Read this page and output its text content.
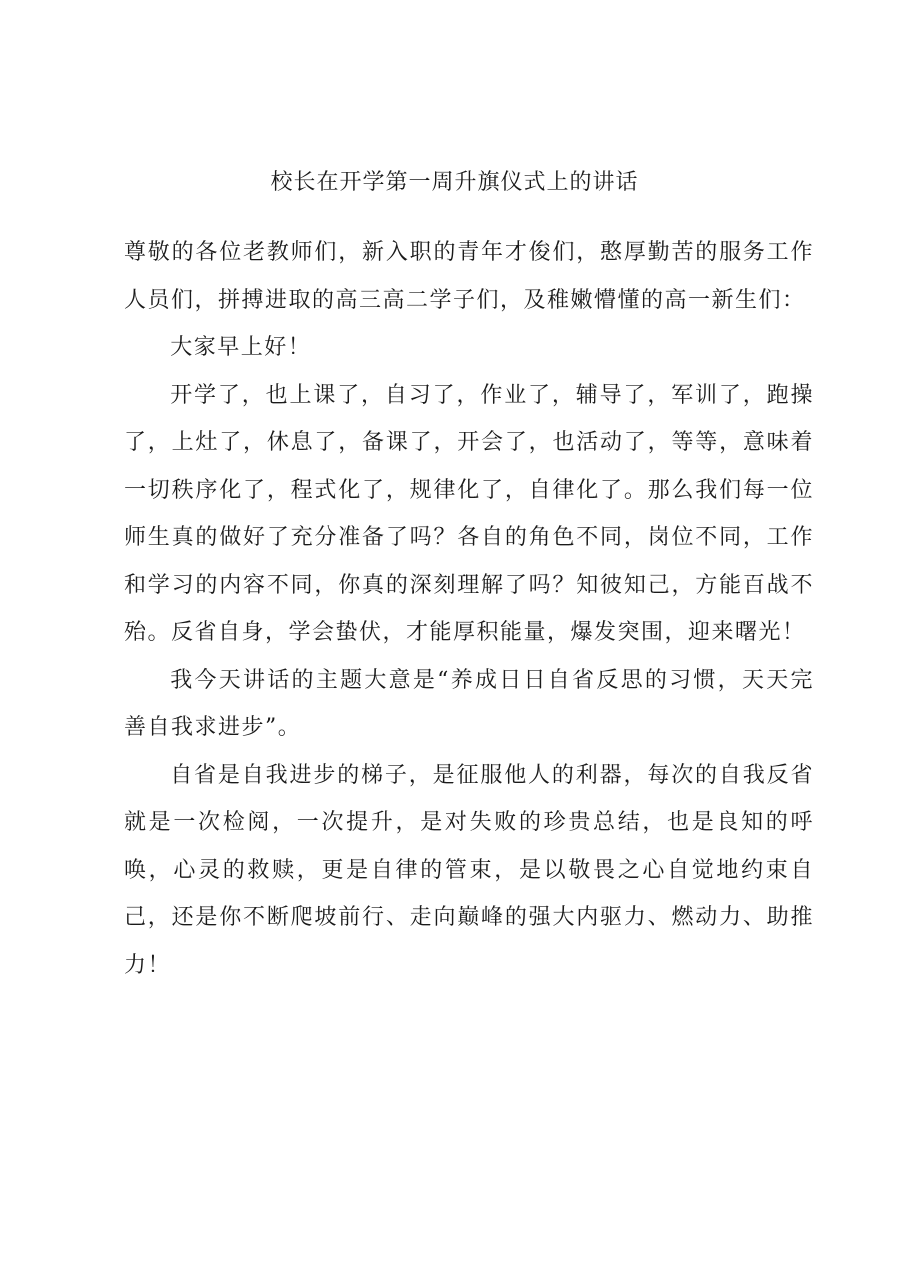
校长在开学第一周升旗仪式上的讲话

尊敬的各位老教师们，新入职的青年才俊们，憨厚勤苦的服务工作人员们，拼搏进取的高三高二学子们，及稚嫩懵懂的高一新生们：

大家早上好！

开学了，也上课了，自习了，作业了，辅导了，军训了，跑操了，上灶了，休息了，备课了，开会了，也活动了，等等，意味着一切秩序化了，程式化了，规律化了，自律化了。那么我们每一位师生真的做好了充分准备了吗？各自的角色不同，岗位不同，工作和学习的内容不同，你真的深刻理解了吗？知彼知己，方能百战不殆。反省自身，学会蛰伏，才能厚积能量，爆发突围，迎来曙光！

我今天讲话的主题大意是“养成日日自省反思的习惯，天天完善自我求进步”。

自省是自我进步的梯子，是征服他人的利器，每次的自我反省就是一次检阅，一次提升，是对失败的珍贵总结，也是良知的呼唤，心灵的救赎，更是自律的管束，是以敬畏之心自觉地约束自己，还是你不断爬坡前行、走向巅峰的强大内驱力、燃动力、助推力！
